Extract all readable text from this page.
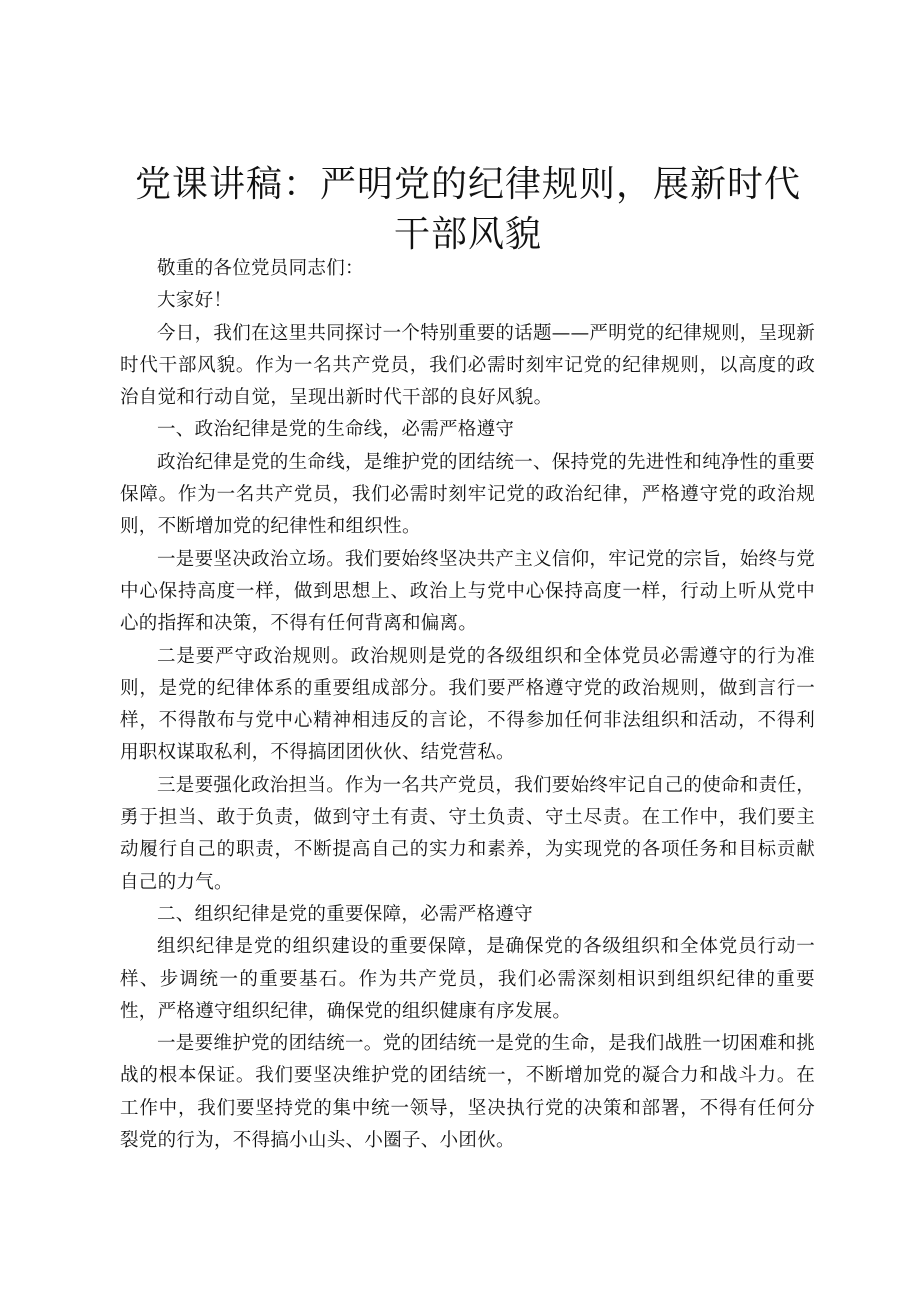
党课讲稿：严明党的纪律规则，展新时代干部风貌

敬重的各位党员同志们：

大家好！

今日，我们在这里共同探讨一个特别重要的话题——严明党的纪律规则，呈现新时代干部风貌。作为一名共产党员，我们必需时刻牢记党的纪律规则，以高度的政治自觉和行动自觉，呈现出新时代干部的良好风貌。

一、政治纪律是党的生命线，必需严格遵守

政治纪律是党的生命线，是维护党的团结统一、保持党的先进性和纯净性的重要保障。作为一名共产党员，我们必需时刻牢记党的政治纪律，严格遵守党的政治规则，不断增加党的纪律性和组织性。

一是要坚决政治立场。我们要始终坚决共产主义信仰，牢记党的宗旨，始终与党中心保持高度一样，做到思想上、政治上与党中心保持高度一样，行动上听从党中心的指挥和决策，不得有任何背离和偏离。

二是要严守政治规则。政治规则是党的各级组织和全体党员必需遵守的行为准则，是党的纪律体系的重要组成部分。我们要严格遵守党的政治规则，做到言行一样，不得散布与党中心精神相违反的言论，不得参加任何非法组织和活动，不得利用职权谋取私利，不得搞团团伙伙、结党营私。

三是要强化政治担当。作为一名共产党员，我们要始终牢记自己的使命和责任，勇于担当、敢于负责，做到守土有责、守土负责、守土尽责。在工作中，我们要主动履行自己的职责，不断提高自己的实力和素养，为实现党的各项任务和目标贡献自己的力气。

二、组织纪律是党的重要保障，必需严格遵守

组织纪律是党的组织建设的重要保障，是确保党的各级组织和全体党员行动一样、步调统一的重要基石。作为共产党员，我们必需深刻相识到组织纪律的重要性，严格遵守组织纪律，确保党的组织健康有序发展。

一是要维护党的团结统一。党的团结统一是党的生命，是我们战胜一切困难和挑战的根本保证。我们要坚决维护党的团结统一，不断增加党的凝合力和战斗力。在工作中，我们要坚持党的集中统一领导，坚决执行党的决策和部署，不得有任何分裂党的行为，不得搞小山头、小圈子、小团伙。
